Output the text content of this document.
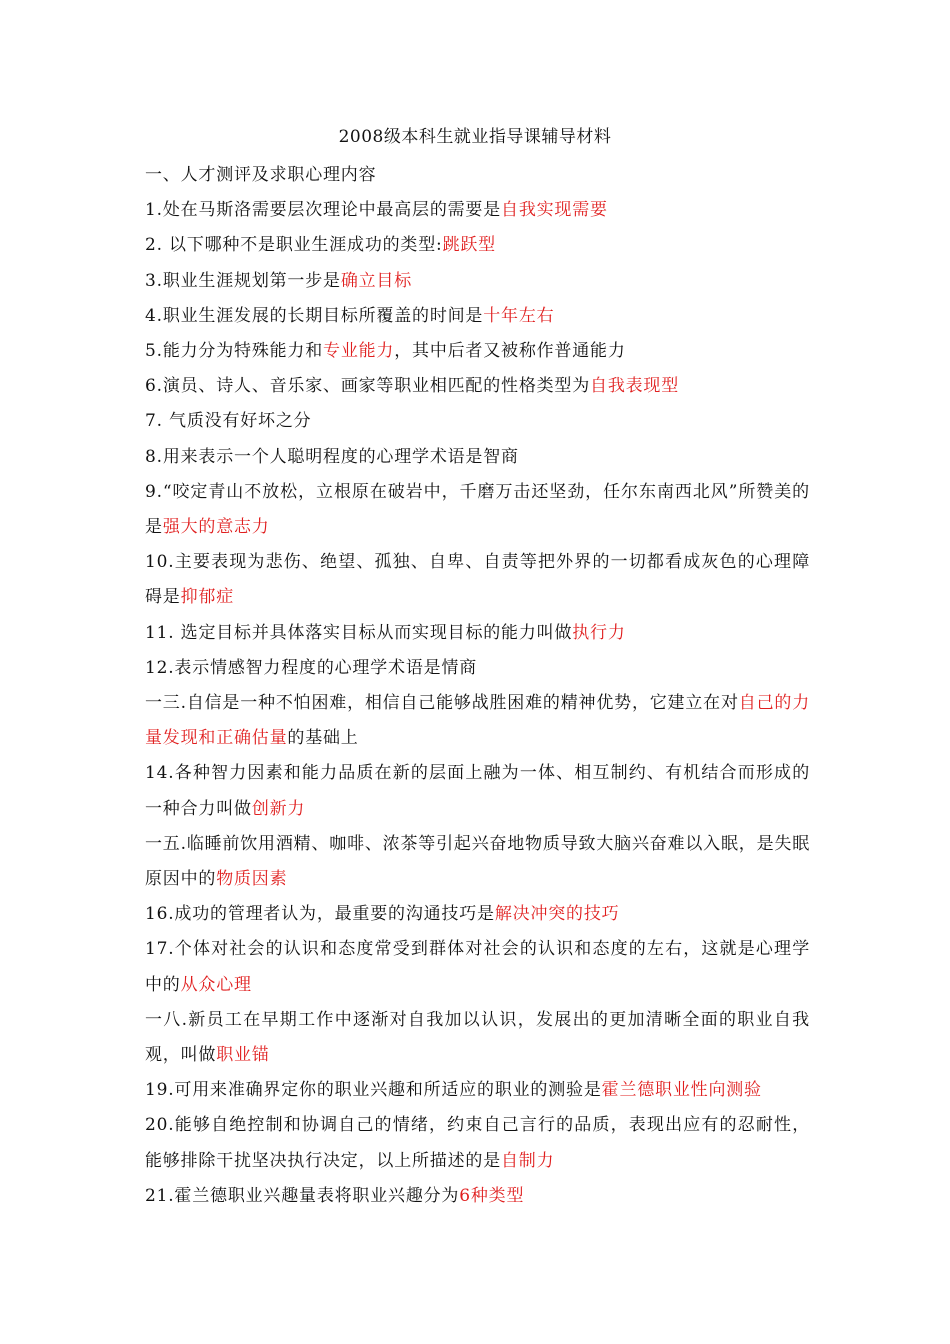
2008级本科生就业指导课辅导材料

一、人才测评及求职心理内容

1.处在马斯洛需要层次理论中最高层的需要是自我实现需要

2. 以下哪种不是职业生涯成功的类型:跳跃型

3.职业生涯规划第一步是确立目标

4.职业生涯发展的长期目标所覆盖的时间是十年左右

5.能力分为特殊能力和专业能力，其中后者又被称作普通能力

6.演员、诗人、音乐家、画家等职业相匹配的性格类型为自我表现型

7. 气质没有好坏之分

8.用来表示一个人聪明程度的心理学术语是智商

9.“咬定青山不放松，立根原在破岩中，千磨万击还坚劲，任尔东南西北风”所赞美的是强大的意志力

10.主要表现为悲伤、绝望、孤独、自卑、自责等把外界的一切都看成灰色的心理障碍是抑郁症

11. 选定目标并具体落实目标从而实现目标的能力叫做执行力

12.表示情感智力程度的心理学术语是情商

一三.自信是一种不怕困难，相信自己能够战胜困难的精神优势，它建立在对自己的力量发现和正确估量的基础上

14.各种智力因素和能力品质在新的层面上融为一体、相互制约、有机结合而形成的一种合力叫做创新力

一五.临睡前饮用酒精、咖啡、浓茶等引起兴奋地物质导致大脑兴奋难以入眠，是失眠原因中的物质因素

16.成功的管理者认为，最重要的沟通技巧是解决冲突的技巧

17.个体对社会的认识和态度常受到群体对社会的认识和态度的左右，这就是心理学中的从众心理

一八.新员工在早期工作中逐渐对自我加以认识，发展出的更加清晰全面的职业自我观，叫做职业锚

19.可用来准确界定你的职业兴趣和所适应的职业的测验是霍兰德职业性向测验

20.能够自绝控制和协调自己的情绪，约束自己言行的品质，表现出应有的忍耐性，能够排除干扰坚决执行决定，以上所描述的是自制力

21.霍兰德职业兴趣量表将职业兴趣分为6种类型
